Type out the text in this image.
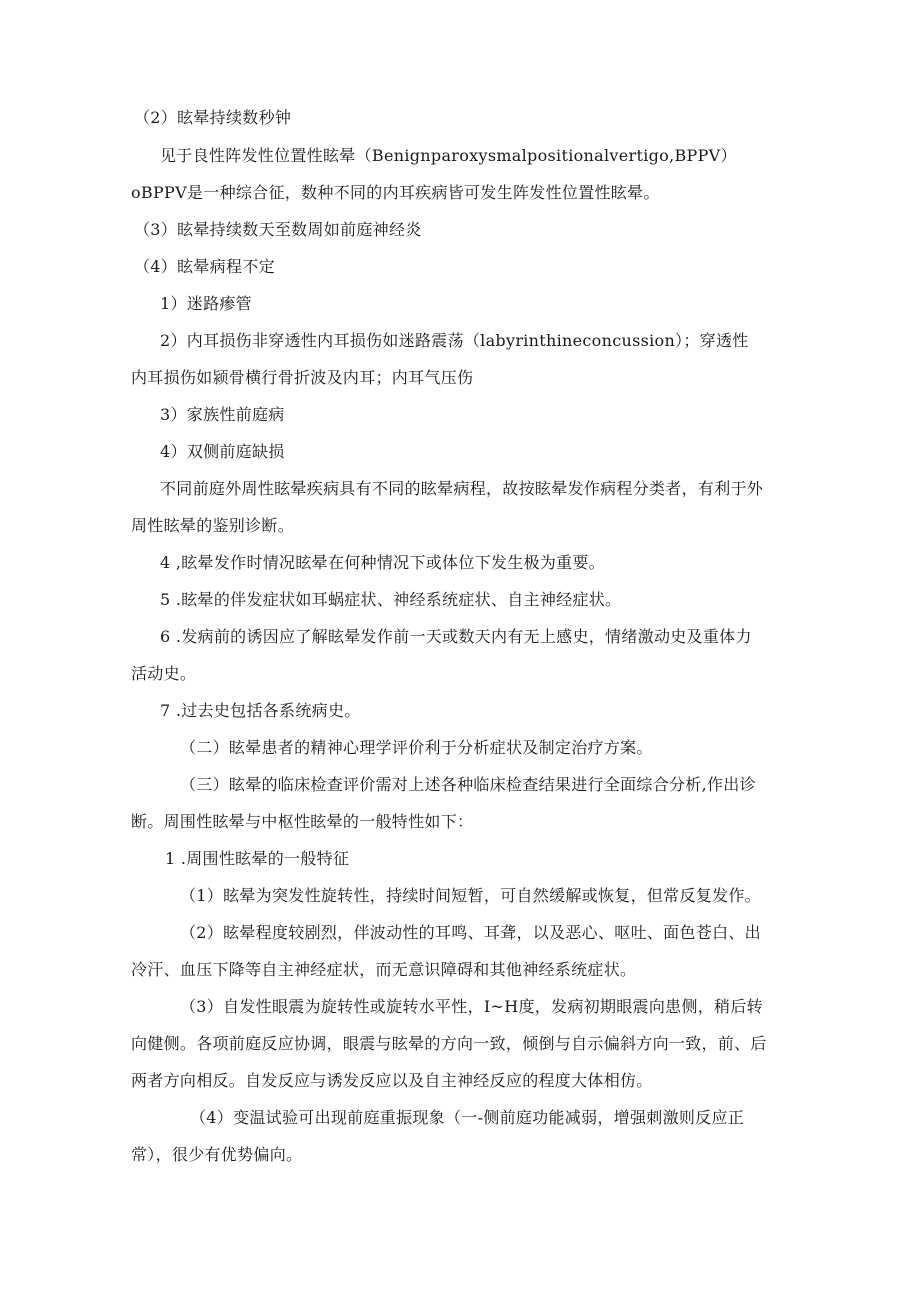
（2）眩晕持续数秒钟
见于良性阵发性位置性眩晕（Benignparoxysmalpositionalvertigo,BPPV）
oBPPV是一种综合征，数种不同的内耳疾病皆可发生阵发性位置性眩晕。
（3）眩晕持续数天至数周如前庭神经炎
（4）眩晕病程不定
1）迷路瘆管
2）内耳损伤非穿透性内耳损伤如迷路震荡（labyrinthineconcussion）；穿透性
内耳损伤如颍骨横行骨折波及内耳；内耳气压伤
3）家族性前庭病
4）双侧前庭缺损
不同前庭外周性眩晕疾病具有不同的眩晕病程，故按眩晕发作病程分类者，有利于外
周性眩晕的鉴别诊断。
4 ,眩晕发作时情况眩晕在何种情况下或体位下发生极为重要。
5 .眩晕的伴发症状如耳蜗症状、神经系统症状、自主神经症状。
6 .发病前的诱因应了解眩晕发作前一天或数天内有无上感史，情绪激动史及重体力
活动史。
7 .过去史包括各系统病史。
（二）眩晕患者的精神心理学评价利于分析症状及制定治疗方案。
（三）眩晕的临床检查评价需对上述各种临床检查结果进行全面综合分析,作出诊
断。周围性眩晕与中枢性眩晕的一般特性如下：
1 .周围性眩晕的一般特征
（1）眩晕为突发性旋转性，持续时间短暂，可自然缓解或恢复，但常反复发作。
（2）眩晕程度较剧烈，伴波动性的耳鸣、耳聋，以及恶心、呕吐、面色苍白、出
冷汗、血压下降等自主神经症状，而无意识障碍和其他神经系统症状。
（3）自发性眼震为旋转性或旋转水平性，I~H度，发病初期眼震向患侧，稍后转
向健侧。各项前庭反应协调，眼震与眩晕的方向一致，倾倒与自示偏斜方向一致，前、后
两者方向相反。自发反应与诱发反应以及自主神经反应的程度大体相仿。
（4）变温试验可出现前庭重振现象（一-侧前庭功能减弱，增强刺激则反应正
常），很少有优势偏向。
